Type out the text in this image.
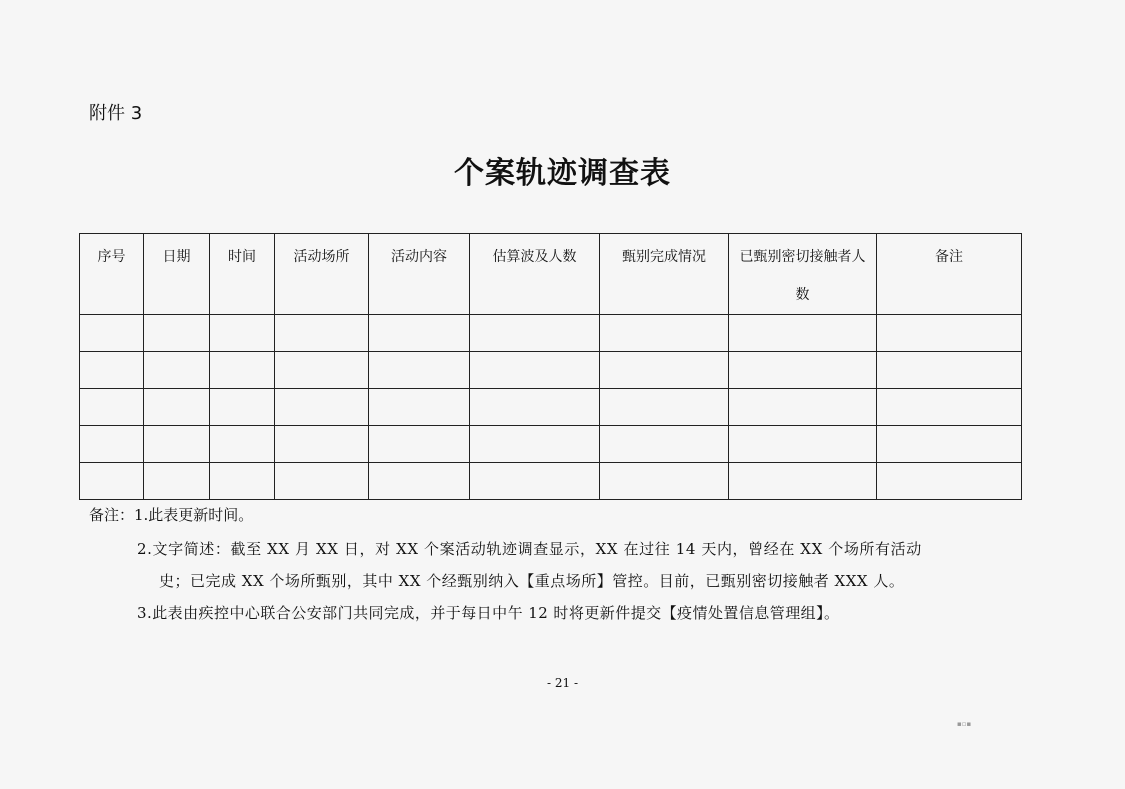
附件 3
个案轨迹调查表
序号	日期	时间	活动场所	活动内容	估算波及人数	甄别完成情况	已甄别密切接触者人数	备注

备注：1.此表更新时间。
2.文字简述：截至 XX 月 XX 日，对 XX 个案活动轨迹调查显示，XX 在过往 14 天内，曾经在 XX 个场所有活动
史；已完成 XX 个场所甄别，其中 XX 个经甄别纳入【重点场所】管控。目前，已甄别密切接触者 XXX 人。
3.此表由疾控中心联合公安部门共同完成，并于每日中午 12 时将更新件提交【疫情处置信息管理组】。
- 21 -
▪▫▪
